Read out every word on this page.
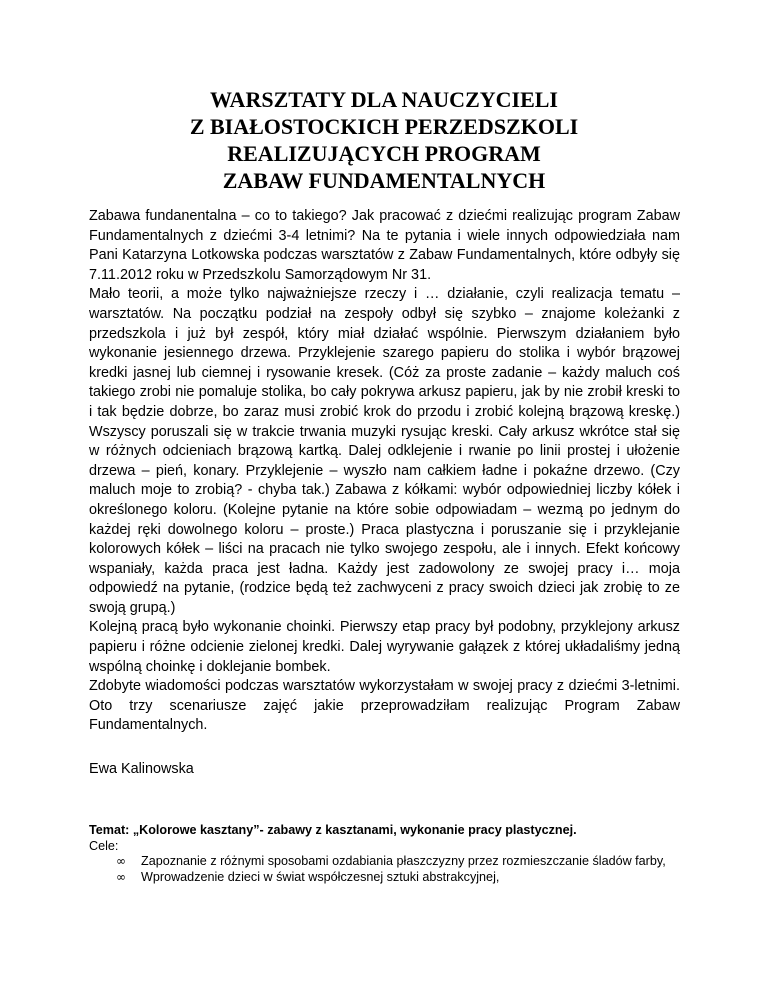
WARSZTATY DLA NAUCZYCIELI
Z BIAŁOSTOCKICH PERZEDSZKOLI
REALIZUJĄCYCH PROGRAM
ZABAW FUNDAMENTALNYCH

Zabawa fundanentalna – co to takiego? Jak pracować z dziećmi realizując program Zabaw Fundamentalnych z dziećmi 3-4 letnimi? Na te pytania i wiele innych odpowiedziała nam Pani Katarzyna Lotkowska podczas warsztatów z Zabaw Fundamentalnych, które odbyły się 7.11.2012 roku w Przedszkolu Samorządowym Nr 31.

Mało teorii, a może tylko najważniejsze rzeczy i … działanie, czyli realizacja tematu – warsztatów. Na początku podział na zespoły odbył się szybko – znajome koleżanki z przedszkola i już był zespół, który miał działać wspólnie. Pierwszym działaniem było wykonanie jesiennego drzewa. Przyklejenie szarego papieru do stolika i wybór brązowej kredki jasnej lub ciemnej i rysowanie kresek. (Cóż za proste zadanie – każdy maluch coś takiego zrobi nie pomaluje stolika, bo cały pokrywa arkusz papieru, jak by nie zrobił kreski to i tak będzie dobrze, bo zaraz musi zrobić krok do przodu i zrobić kolejną brązową kreskę.) Wszyscy poruszali się w trakcie trwania muzyki rysując kreski. Cały arkusz wkrótce stał się w różnych odcieniach brązową kartką. Dalej odklejenie i rwanie po linii prostej i ułożenie drzewa – pień, konary. Przyklejenie – wyszło nam całkiem ładne i pokaźne drzewo. (Czy maluch moje to zrobią? - chyba tak.) Zabawa z kółkami: wybór odpowiedniej liczby kółek i określonego koloru. (Kolejne pytanie na które sobie odpowiadam – wezmą po jednym do każdej ręki dowolnego koloru – proste.) Praca plastyczna i poruszanie się i przyklejanie kolorowych kółek – liści na pracach nie tylko swojego zespołu, ale i innych. Efekt końcowy wspaniały, każda praca jest ładna. Każdy jest zadowolony ze swojej pracy i… moja odpowiedź na pytanie, (rodzice będą też zachwyceni z pracy swoich dzieci jak zrobię to ze swoją grupą.)

Kolejną pracą było wykonanie choinki. Pierwszy etap pracy był podobny, przyklejony arkusz papieru i różne odcienie zielonej kredki. Dalej wyrywanie gałązek z której układaliśmy jedną wspólną choinkę i doklejanie bombek.

Zdobyte wiadomości podczas warsztatów wykorzystałam w swojej pracy z dziećmi 3-letnimi. Oto trzy scenariusze zajęć jakie przeprowadziłam realizując Program Zabaw Fundamentalnych.

Ewa Kalinowska

Temat: „Kolorowe kasztany”- zabawy z kasztanami, wykonanie pracy plastycznej.

Cele:

∞ Zapoznanie z różnymi sposobami ozdabiania płaszczyzny przez rozmieszczanie śladów farby,
∞ Wprowadzenie dzieci w świat współczesnej sztuki abstrakcyjnej,
